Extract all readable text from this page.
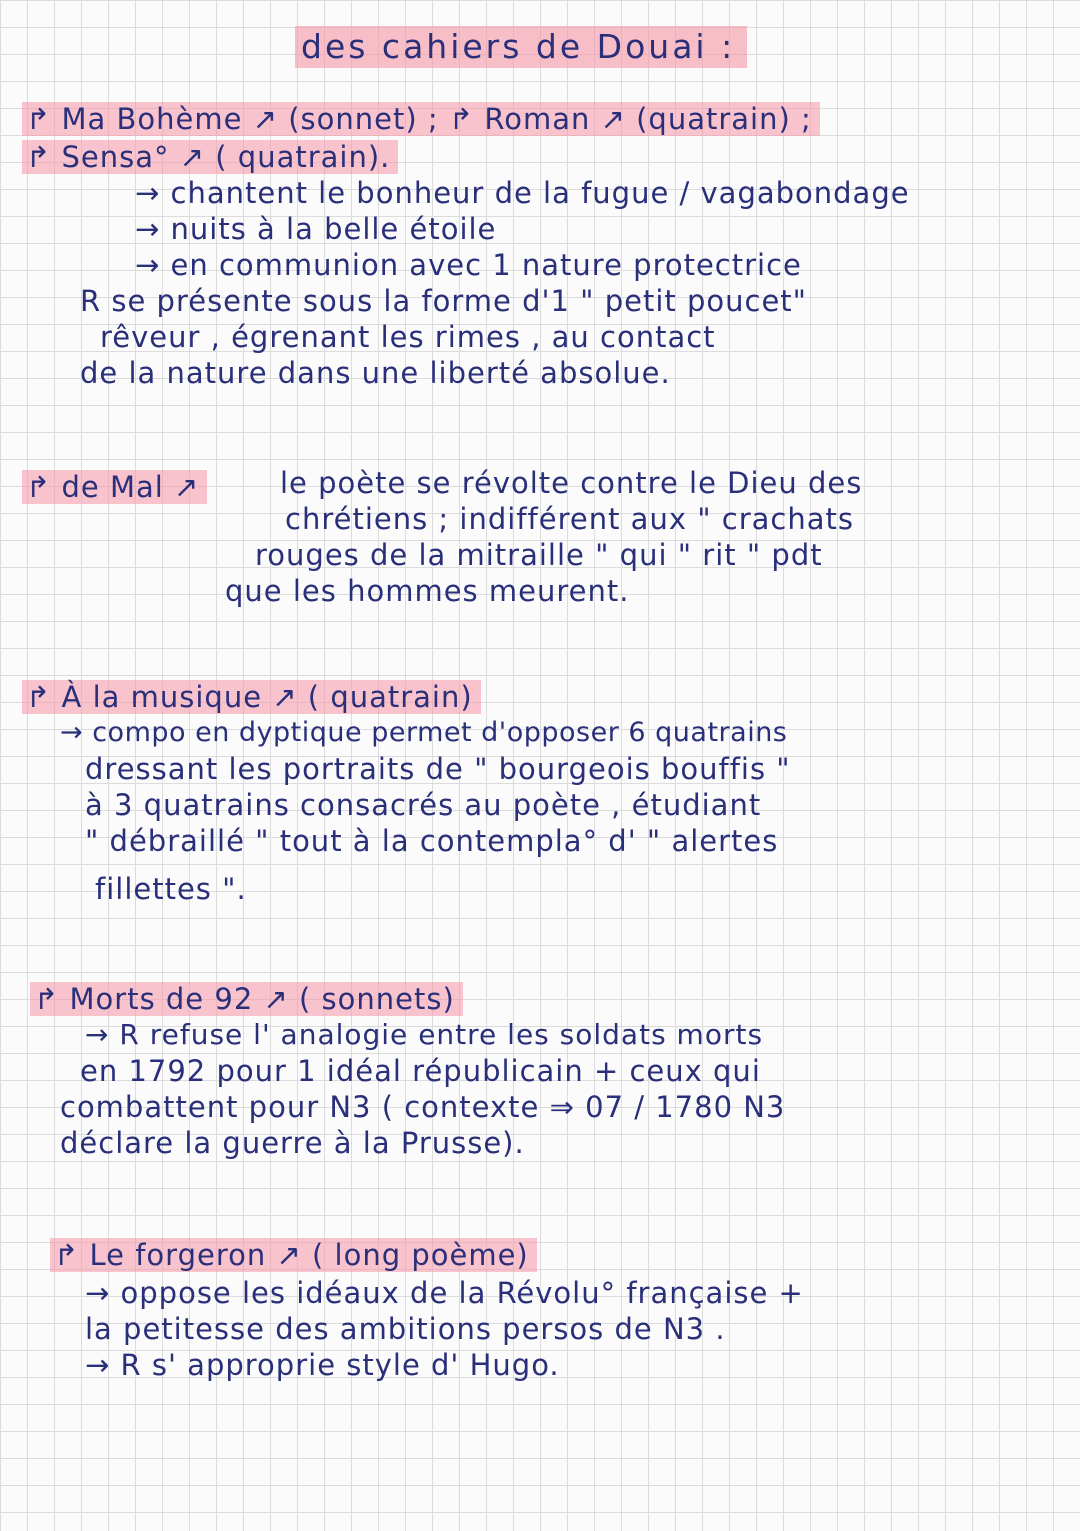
des cahiers de Douai :
↱ Ma Bohème ↗ (sonnet) ; ↱ Roman ↗ (quatrain) ;
↱ Sensa° ↗ ( quatrain).
→ chantent le bonheur de la fugue / vagabondage
→ nuits à la belle étoile
→ en communion avec 1 nature protectrice
R se présente sous la forme d'1 " petit poucet"
rêveur , égrenant les rimes , au contact
de la nature dans une liberté absolue.
↱ de Mal ↗	le poète se révolte contre le Dieu des
chrétiens ; indifférent aux " crachats
rouges de la mitraille " qui " rit " pdt
que les hommes meurent.
↱ À la musique ↗ ( quatrain)
→ compo en dyptique permet d'opposer 6 quatrains
dressant les portraits de " bourgeois bouffis "
à 3 quatrains consacrés au poète , étudiant
" débraillé " tout à la contempla° d' " alertes
fillettes ".
↱ Morts de 92 ↗ ( sonnets)
→ R refuse l' analogie entre les soldats morts
en 1792 pour 1 idéal républicain + ceux qui
combattent pour N3 ( contexte ⇒ 07 / 1780 N3
déclare la guerre à la Prusse).
↱ Le forgeron ↗ ( long poème)
→ oppose les idéaux de la Révolu° française +
la petitesse des ambitions persos de N3 .
→ R s' approprie style d' Hugo.
